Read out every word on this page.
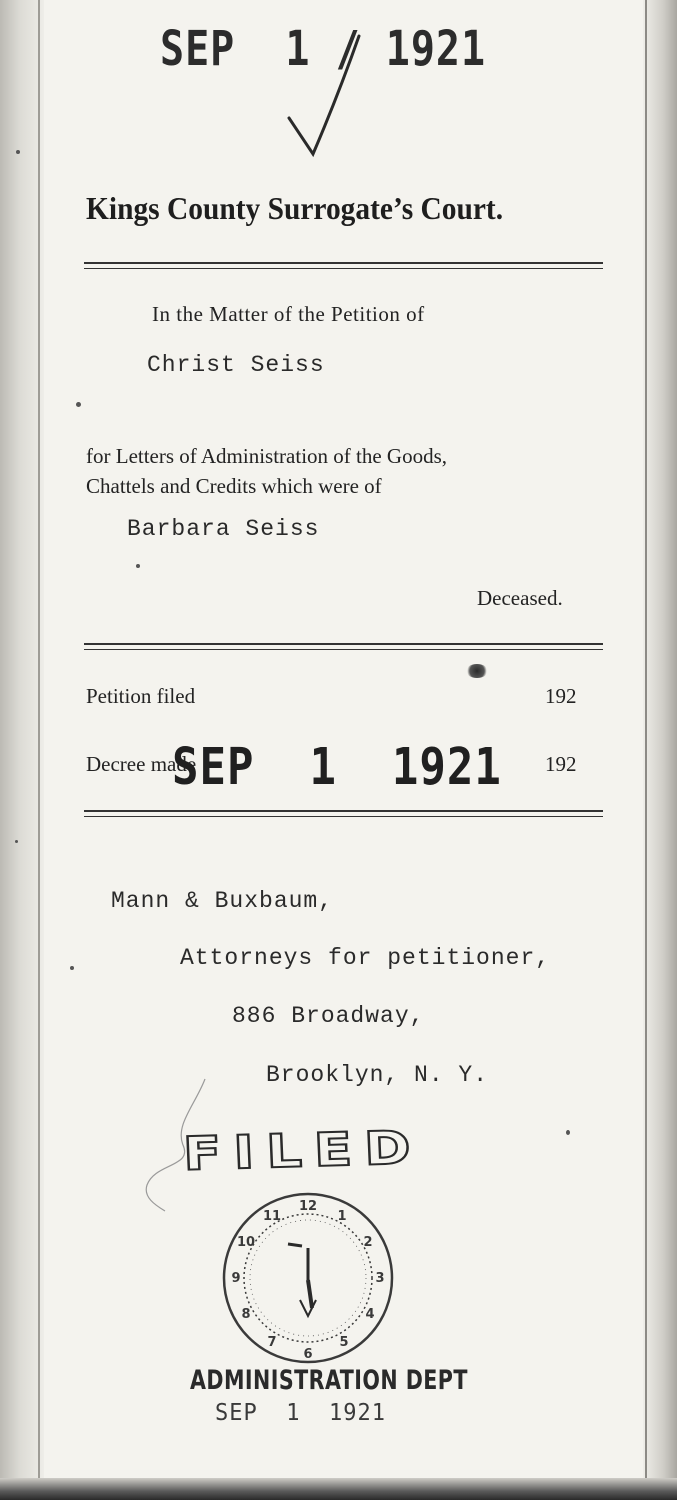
SEP  1 / 1921
Kings County Surrogate’s Court.
In the Matter of the Petition of
Christ Seiss
for Letters of Administration of the Goods,
Chattels and Credits which were of
Barbara Seiss
Deceased.
Petition filed	192
Decree made	192
SEP  1  1921
Mann & Buxbaum,
Attorneys for petitioner,
886 Broadway,
Brooklyn, N. Y.
FILED
12
1
2
3
4
5
6
7
8
9
10
11
ADMINISTRATION DEPT
SEP  1  1921
